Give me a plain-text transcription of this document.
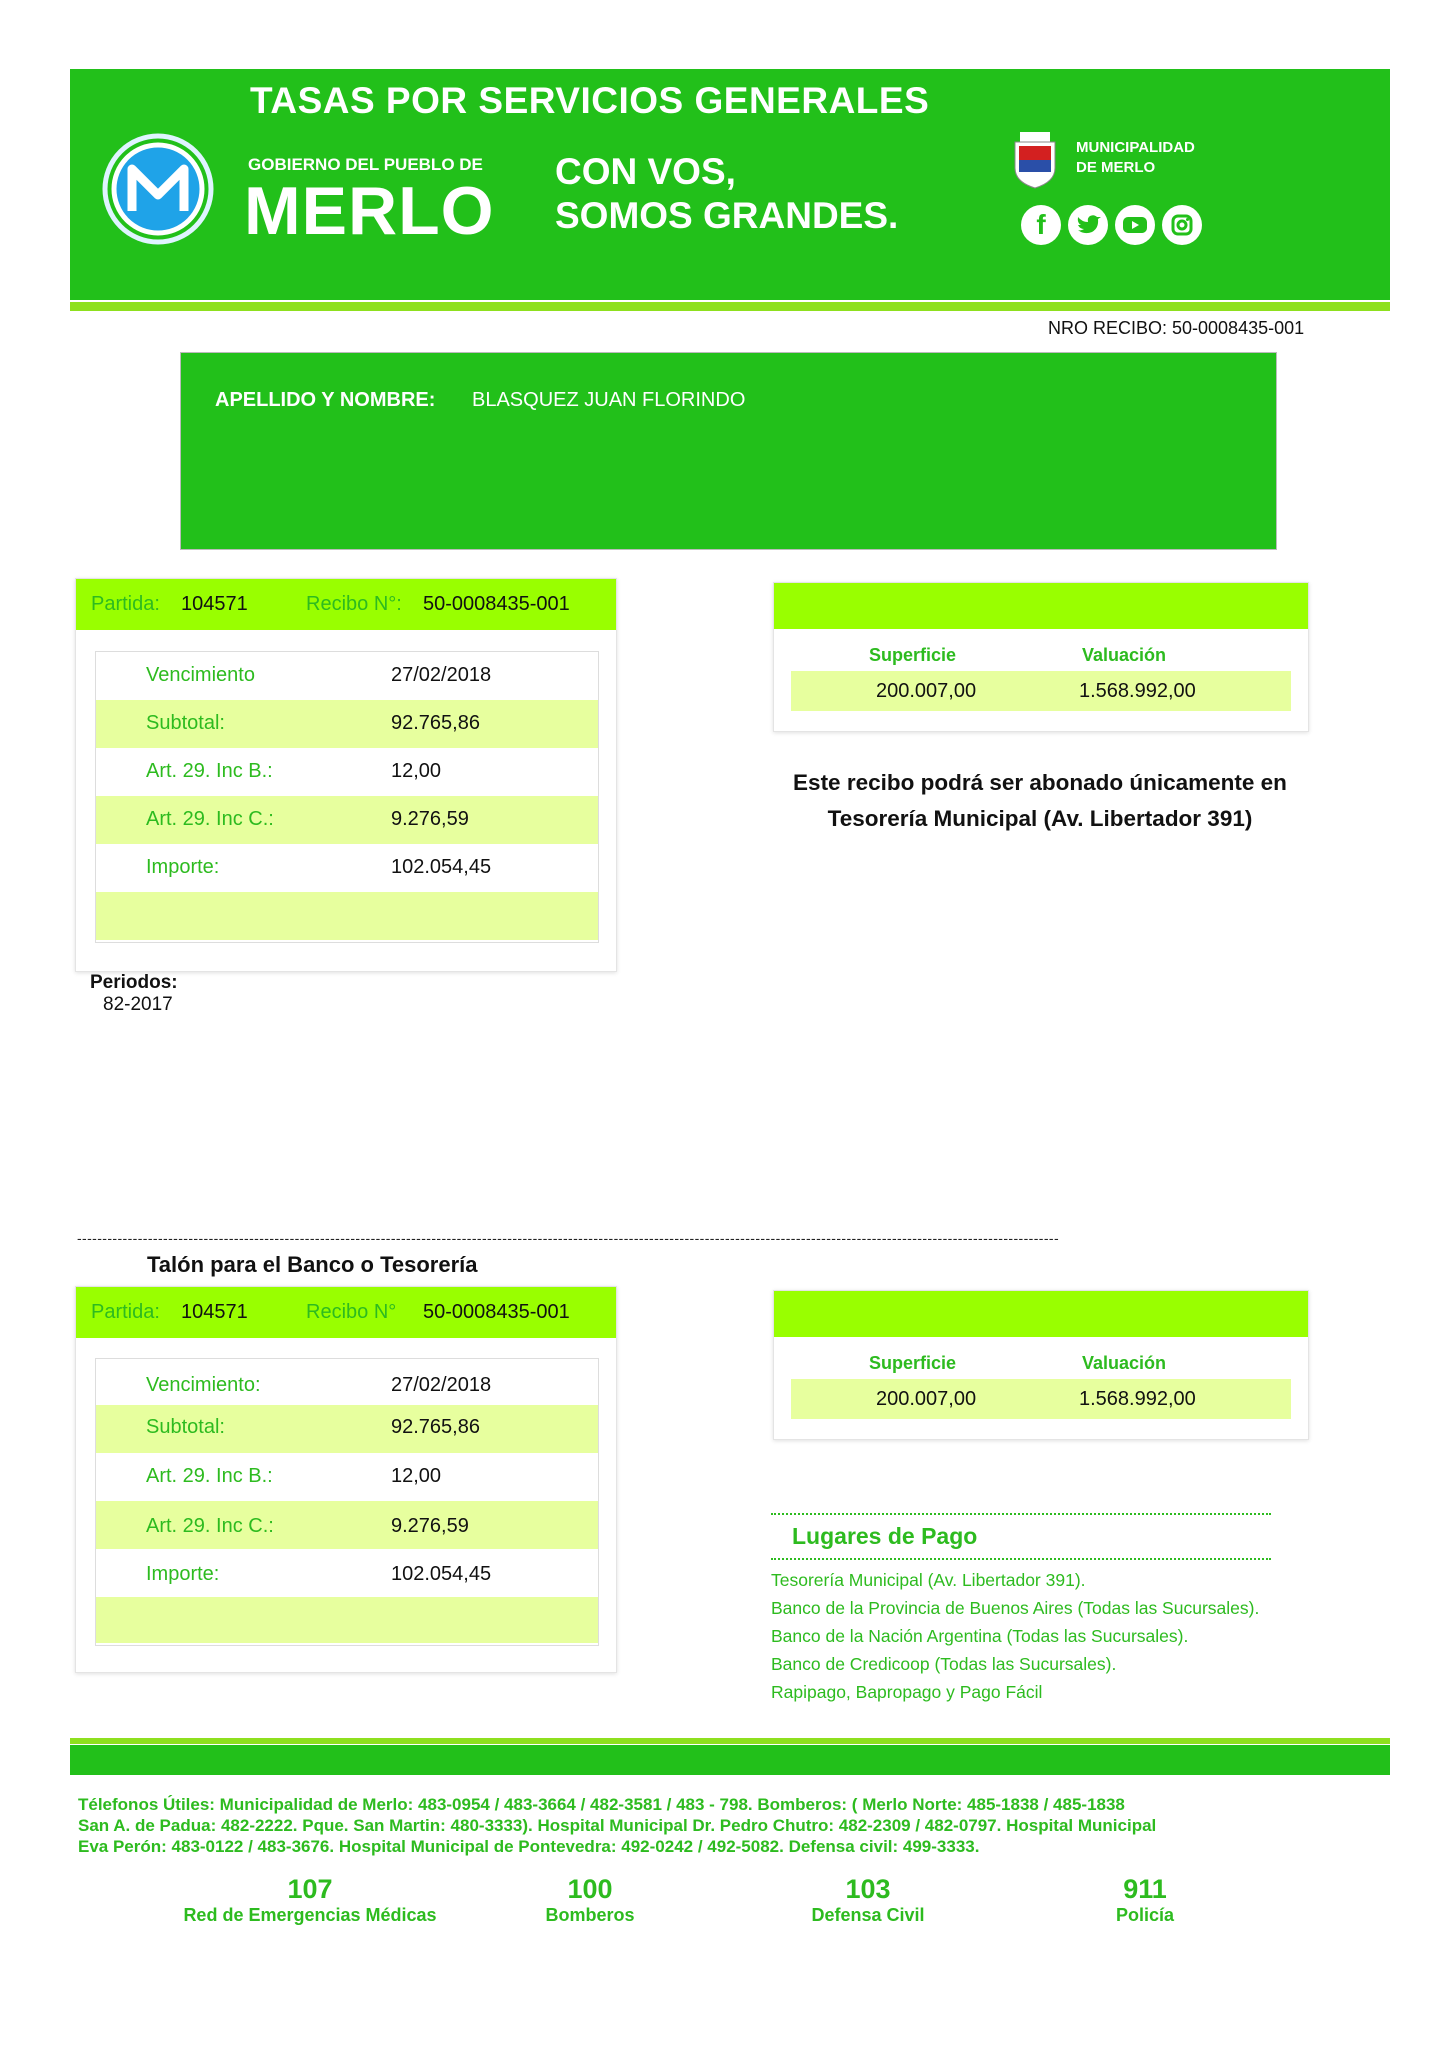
TASAS POR SERVICIOS GENERALES
GOBIERNO DEL PUEBLO DE
MERLO
CON VOS,
SOMOS GRANDES.
MUNICIPALIDAD
DE MERLO
f
NRO RECIBO: 50-0008435-001
APELLIDO Y NOMBRE: BLASQUEZ JUAN FLORINDO
Partida: 104571	Recibo N°: 50-0008435-001
Vencimiento	27/02/2018
Subtotal:	92.765,86
Art. 29. Inc B.:	12,00
Art. 29. Inc C.:	9.276,59
Importe:	102.054,45
Periodos:
82-2017
Superficie	Valuación
200.007,00	1.568.992,00
Este recibo podrá ser abonado únicamente en
Tesorería Municipal (Av. Libertador 391)
--------------------------------------------------------------------------------------------------------------------------------------------------------------------------------------------------
Talón para el Banco o Tesorería
Partida: 104571	Recibo N° 50-0008435-001
Vencimiento:	27/02/2018
Subtotal:	92.765,86
Art. 29. Inc B.:	12,00
Art. 29. Inc C.:	9.276,59
Importe:	102.054,45
Superficie	Valuación
200.007,00	1.568.992,00
Lugares de Pago
Tesorería Municipal (Av. Libertador 391).
Banco de la Provincia de Buenos Aires (Todas las Sucursales).
Banco de la Nación Argentina (Todas las Sucursales).
Banco de Credicoop (Todas las Sucursales).
Rapipago, Bapropago y Pago Fácil
Télefonos Útiles: Municipalidad de Merlo: 483-0954 / 483-3664 / 482-3581 / 483 - 798. Bomberos: ( Merlo Norte: 485-1838 / 485-1838
San A. de Padua: 482-2222. Pque. San Martin: 480-3333). Hospital Municipal Dr. Pedro Chutro: 482-2309 / 482-0797. Hospital Municipal
Eva Perón: 483-0122 / 483-3676. Hospital Municipal de Pontevedra: 492-0242 / 492-5082. Defensa civil: 499-3333.
107
Red de Emergencias Médicas
100
Bomberos
103
Defensa Civil
911
Policía
